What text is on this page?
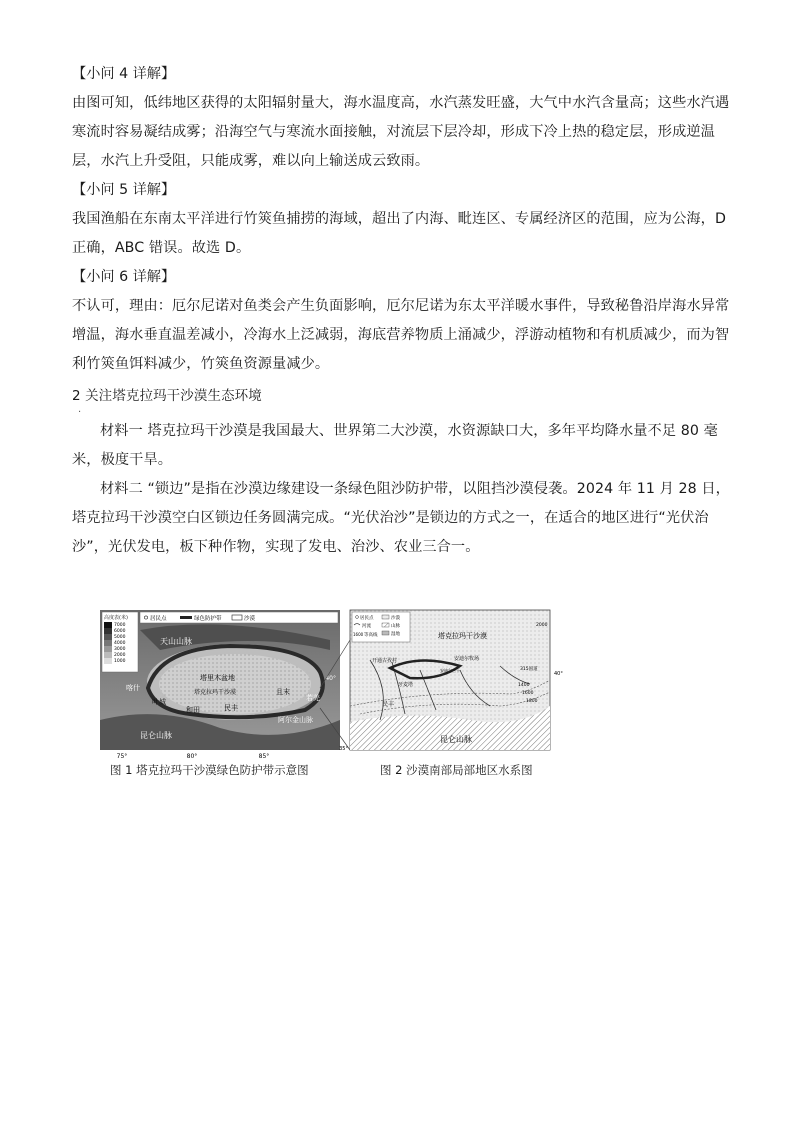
【小问 4 详解】

由图可知，低纬地区获得的太阳辐射量大，海水温度高，水汽蒸发旺盛，大气中水汽含量高；这些水汽遇

寒流时容易凝结成雾；沿海空气与寒流水面接触，对流层下层冷却，形成下冷上热的稳定层，形成逆温

层，水汽上升受阻，只能成雾，难以向上输送成云致雨。

【小问 5 详解】

我国渔船在东南太平洋进行竹筴鱼捕捞的海域，超出了内海、毗连区、专属经济区的范围，应为公海，D

正确，ABC 错误。故选 D。

【小问 6 详解】

不认可，理由：厄尔尼诺对鱼类会产生负面影响，厄尔尼诺为东太平洋暖水事件，导致秘鲁沿岸海水异常

增温，海水垂直温差减小，冷海水上泛减弱，海底营养物质上涌减少，浮游动植物和有机质减少，而为智

利竹筴鱼饵料减少，竹筴鱼资源量减少。

2 关注塔克拉玛干沙漠生态环境

·

材料一 塔克拉玛干沙漠是我国最大、世界第二大沙漠，水资源缺口大，多年平均降水量不足 80 毫

米，极度干旱。

材料二 “锁边”是指在沙漠边缘建设一条绿色阻沙防护带，以阻挡沙漠侵袭。2024 年 11 月 28 日，

塔克拉玛干沙漠空白区锁边任务圆满完成。“光伏治沙”是锁边的方式之一，在适合的地区进行“光伏治

沙”，光伏发电，板下种作物，实现了发电、治沙、农业三合一。

高度表(米)
7000
6000
5000
4000
3000
2000
1000
居民点	绿色防护带	沙漠
天山山脉
塔里木盆地
塔克拉玛干沙漠
喀什
叶城
和田	民丰
且末
若羌
昆仑山脉
阿尔金山脉
40°
75°	80°	85°
图 1 塔克拉玛干沙漠绿色防护带示意图
居民点
河流
1600 等高线
沙漠
山脉
湿地	塔克拉玛干沙漠
开通古孜村	安迪尔牧场
安迪尔兰干
牙麦塔
民丰
昆仑山脉
315国道
2000
1400
1600
1800
40°
35°
图 2 沙漠南部局部地区水系图
